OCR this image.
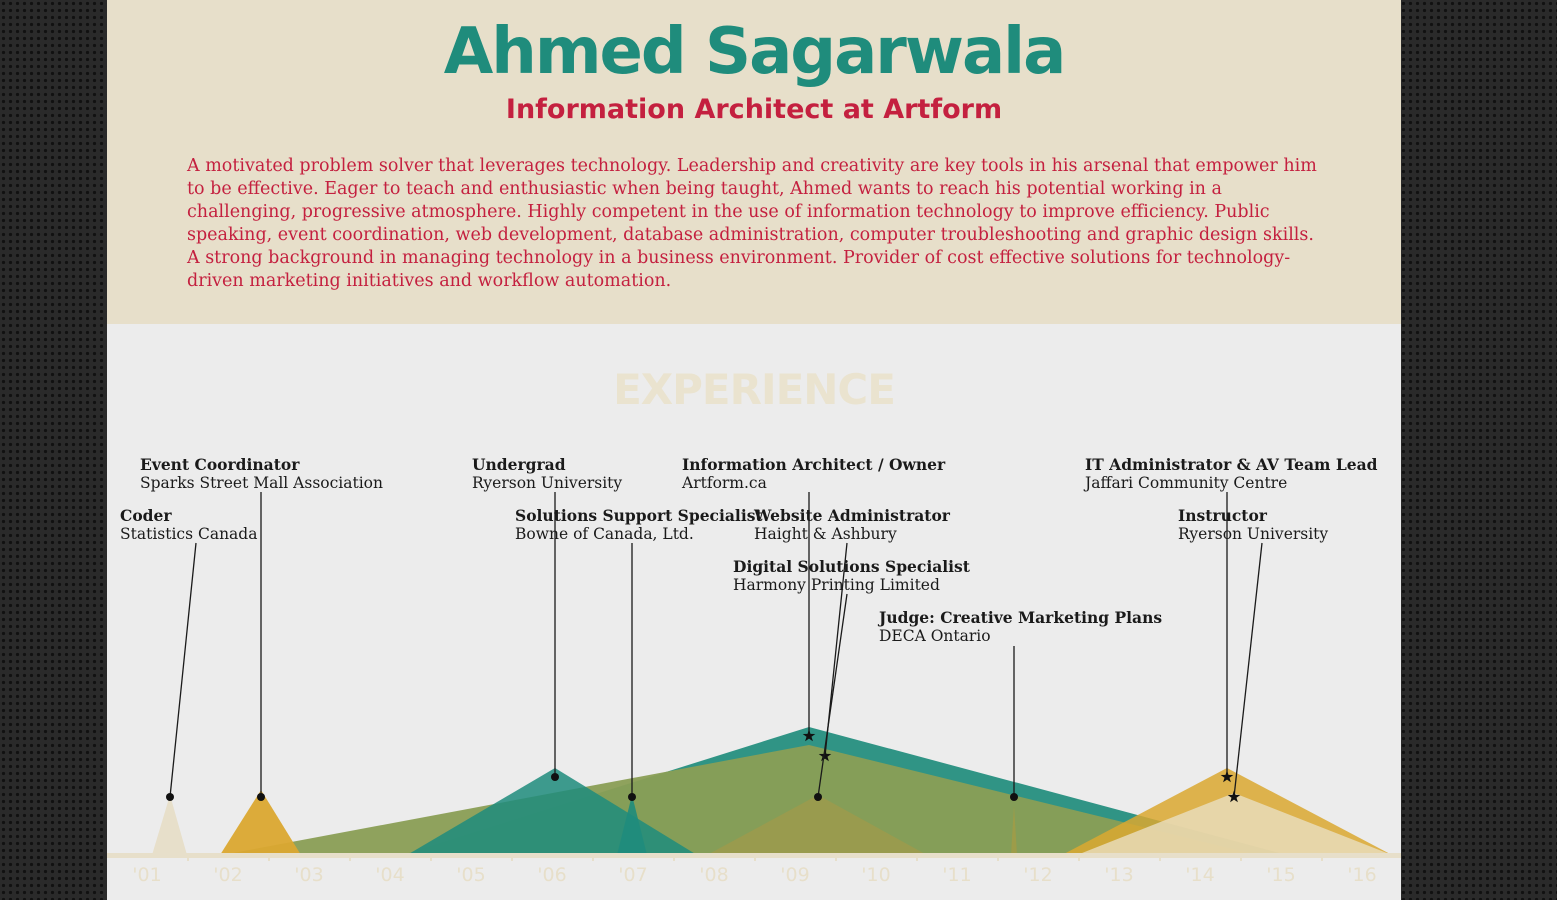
Ahmed Sagarwala
Information Architect at Artform
A motivated problem solver that leverages technology. Leadership and creativity are key tools in his arsenal that empower him to be effective. Eager to teach and enthusiastic when being taught, Ahmed wants to reach his potential working in a challenging, progressive atmosphere. Highly competent in the use of information technology to improve efficiency. Public speaking, event coordination, web development, database administration, computer troubleshooting and graphic design skills. A strong background in managing technology in a business environment. Provider of cost effective solutions for technology-driven marketing initiatives and workflow automation.
EXPERIENCE
'01	'02	'03	'04	'05	'06	'07	'08	'09	'10	'11	'12	'13	'14	'15	'16
Coder
Statistics Canada
Event Coordinator
Sparks Street Mall Association
Undergrad
Ryerson University
Solutions Support Specialist
Bowne of Canada, Ltd.
Information Architect / Owner
Artform.ca
Website Administrator
Haight & Ashbury
Digital Solutions Specialist
Harmony Printing Limited
Judge: Creative Marketing Plans
DECA Ontario
IT Administrator & AV Team Lead
Jaffari Community Centre
Instructor
Ryerson University
